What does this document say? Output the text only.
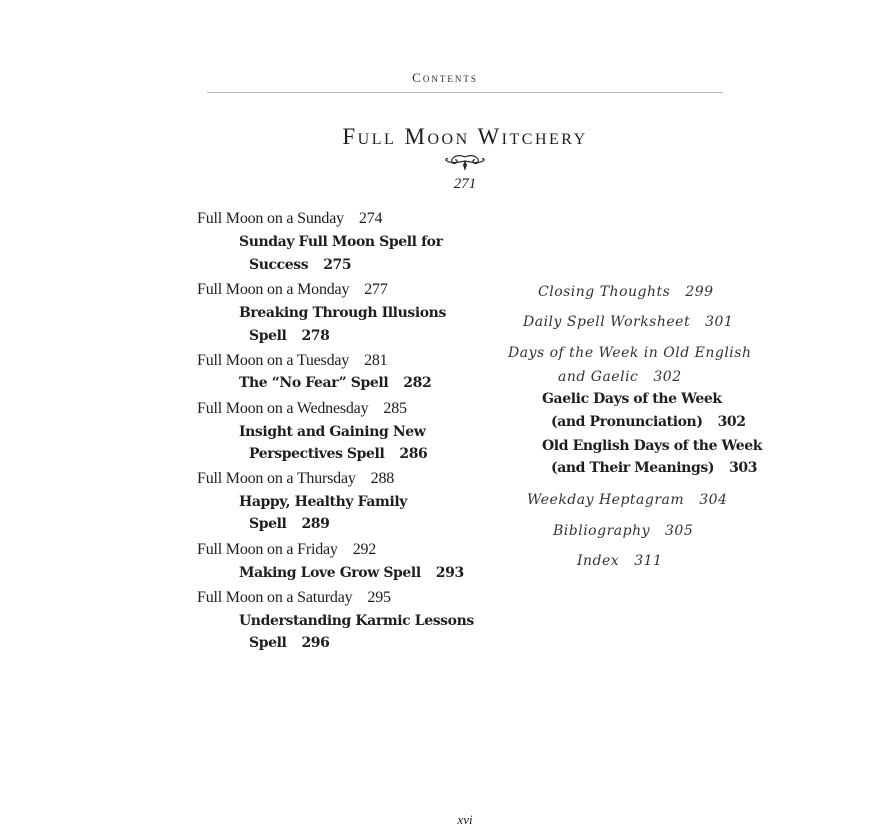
Contents
Full Moon Witchery
271
Full Moon on a Sunday 274
Sunday Full Moon Spell for
Success 275
Full Moon on a Monday 277
Breaking Through Illusions
Spell 278
Full Moon on a Tuesday 281
The “No Fear” Spell 282
Full Moon on a Wednesday 285
Insight and Gaining New
Perspectives Spell 286
Full Moon on a Thursday 288
Happy, Healthy Family
Spell 289
Full Moon on a Friday 292
Making Love Grow Spell 293
Full Moon on a Saturday 295
Understanding Karmic Lessons
Spell 296
Closing Thoughts 299
Daily Spell Worksheet 301
Days of the Week in Old English
and Gaelic 302
Gaelic Days of the Week
(and Pronunciation) 302
Old English Days of the Week
(and Their Meanings) 303
Weekday Heptagram 304
Bibliography 305
Index 311
xvi
